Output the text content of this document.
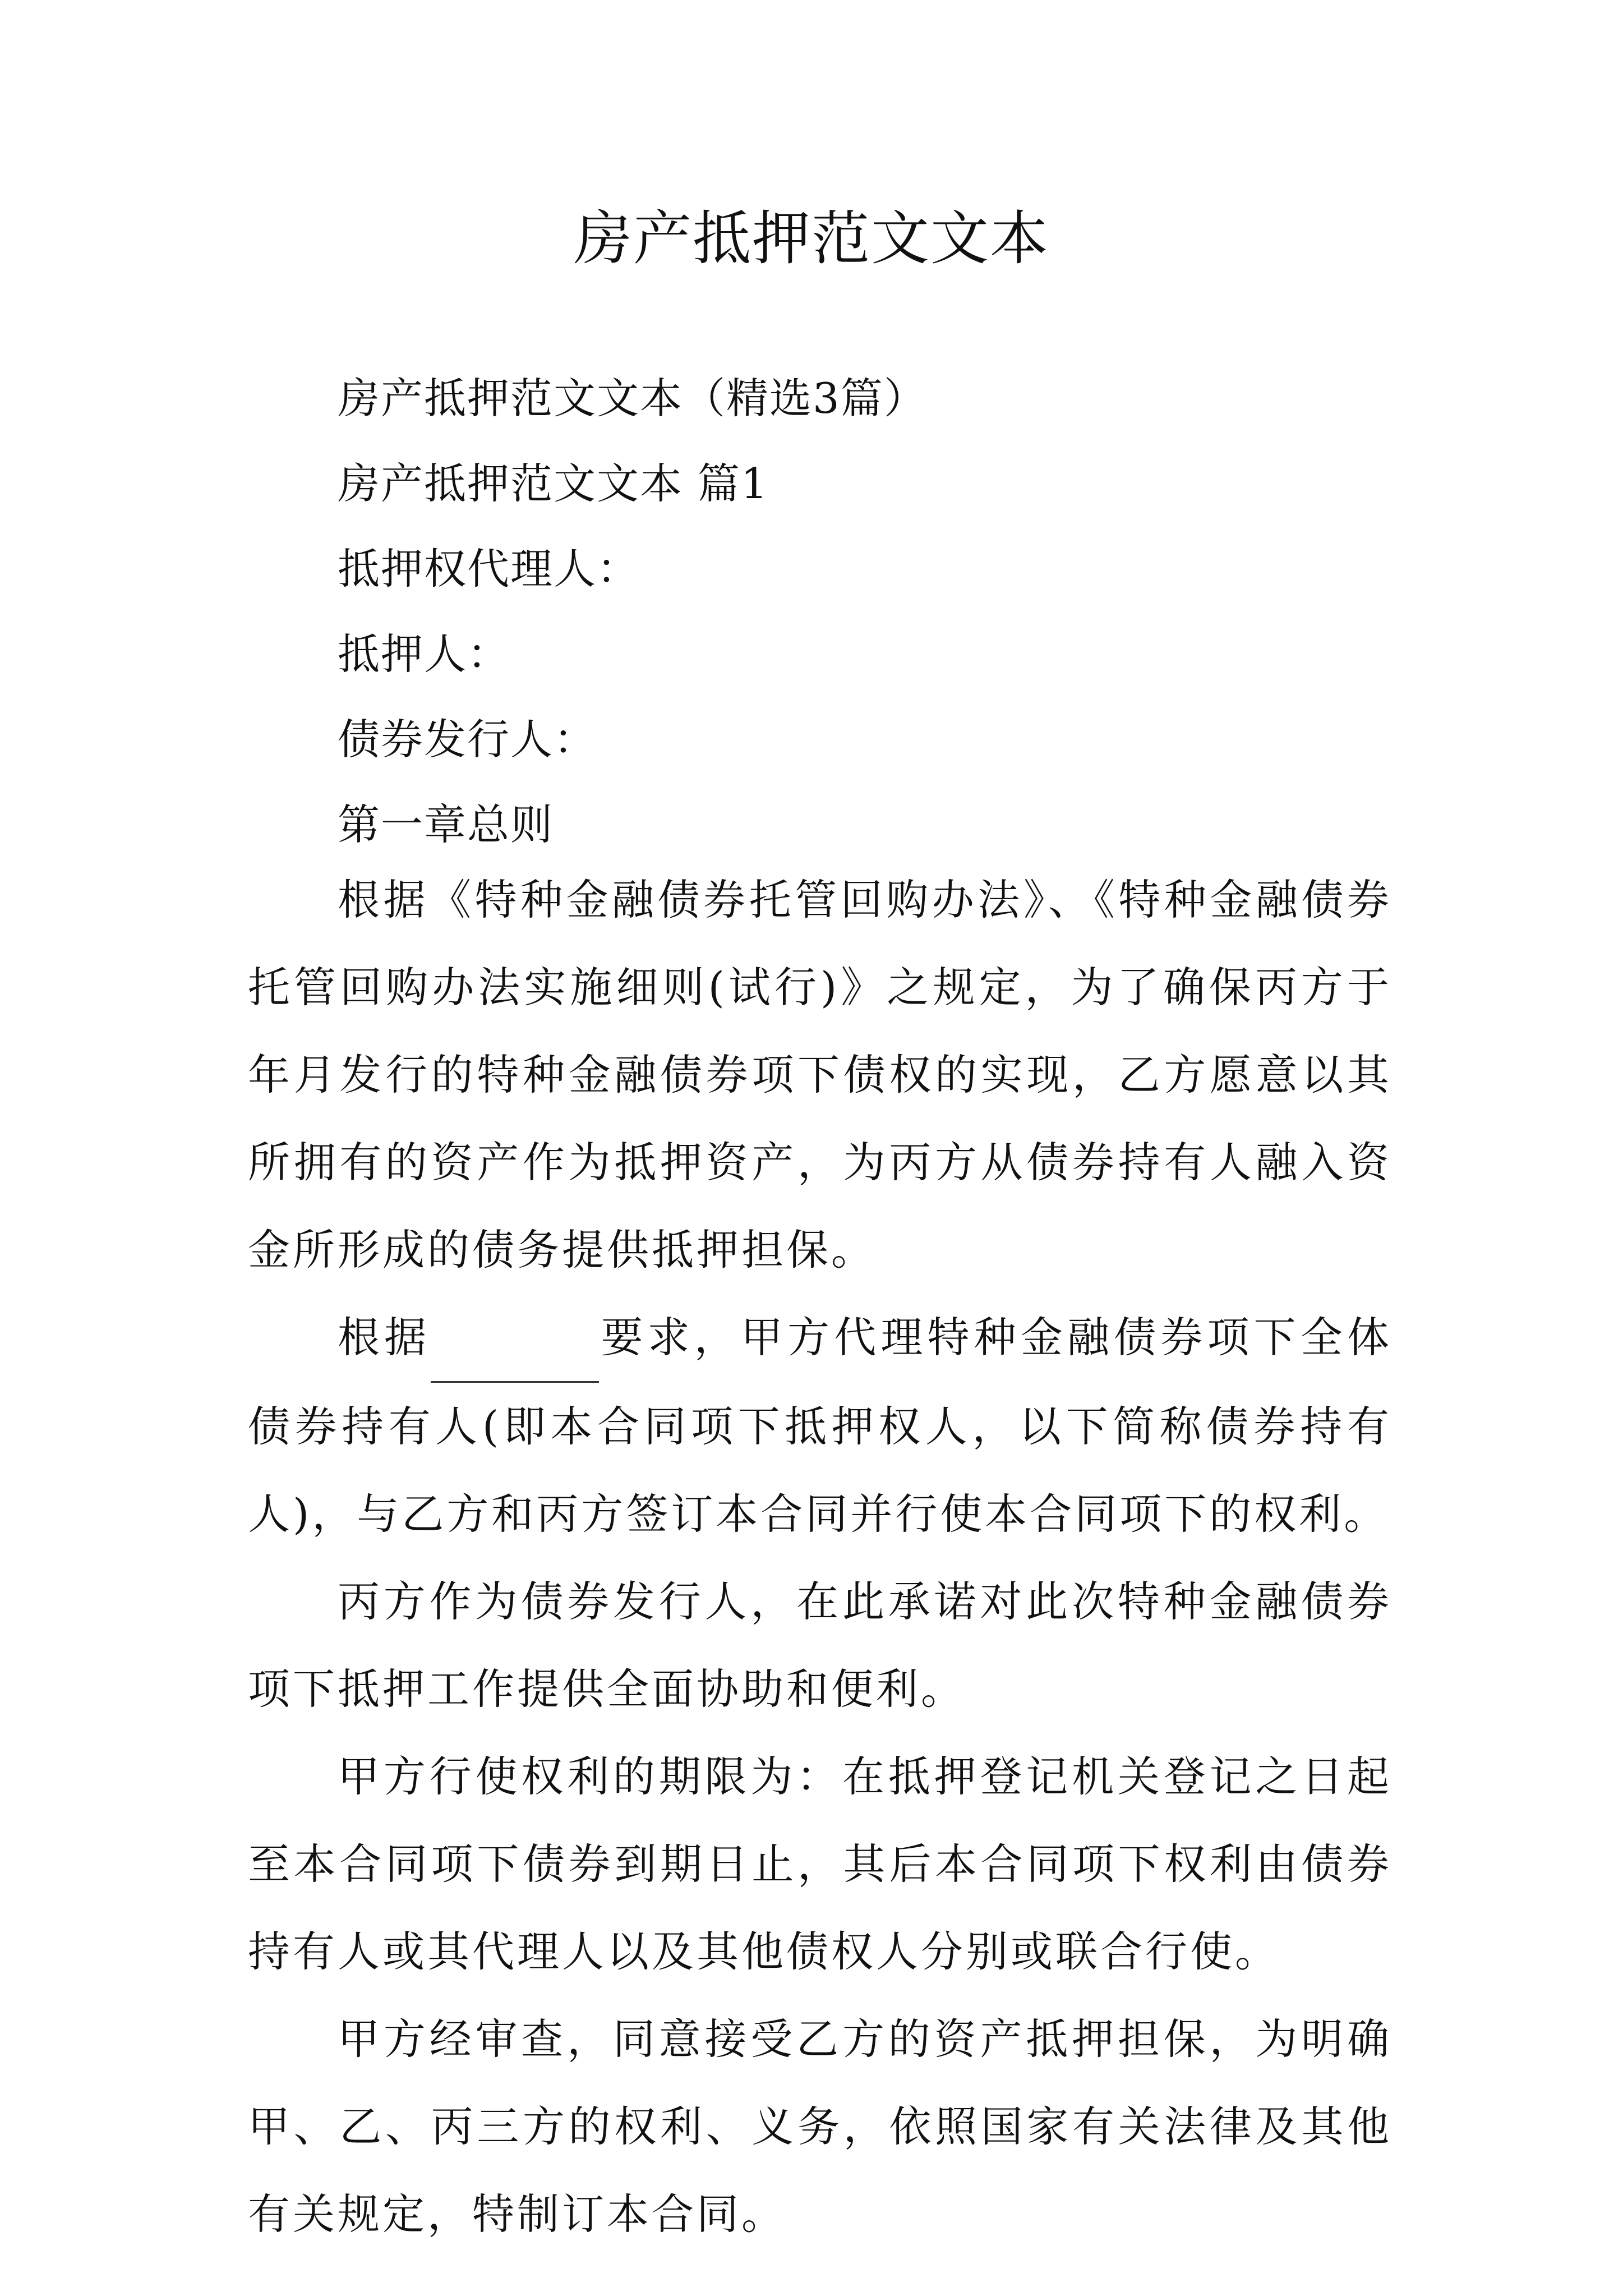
房产抵押范文文本

房产抵押范文文本（精选3篇）

房产抵押范文文本 篇1

抵押权代理人：

抵押人：

债券发行人：

第一章总则

根据《特种金融债券托管回购办法》、《特种金融债券托管回购办法实施细则(试行)》之规定，为了确保丙方于年月发行的特种金融债券项下债权的实现，乙方愿意以其所拥有的资产作为抵押资产，为丙方从债券持有人融入资金所形成的债务提供抵押担保。

根据	要求，甲方代理特种金融债券项下全体债券持有人(即本合同项下抵押权人，以下简称债券持有人)，与乙方和丙方签订本合同并行使本合同项下的权利。

丙方作为债券发行人，在此承诺对此次特种金融债券项下抵押工作提供全面协助和便利。

甲方行使权利的期限为：在抵押登记机关登记之日起至本合同项下债券到期日止，其后本合同项下权利由债券持有人或其代理人以及其他债权人分别或联合行使。

甲方经审查，同意接受乙方的资产抵押担保，为明确甲、乙、丙三方的权利、义务，依照国家有关法律及其他有关规定，特制订本合同。
